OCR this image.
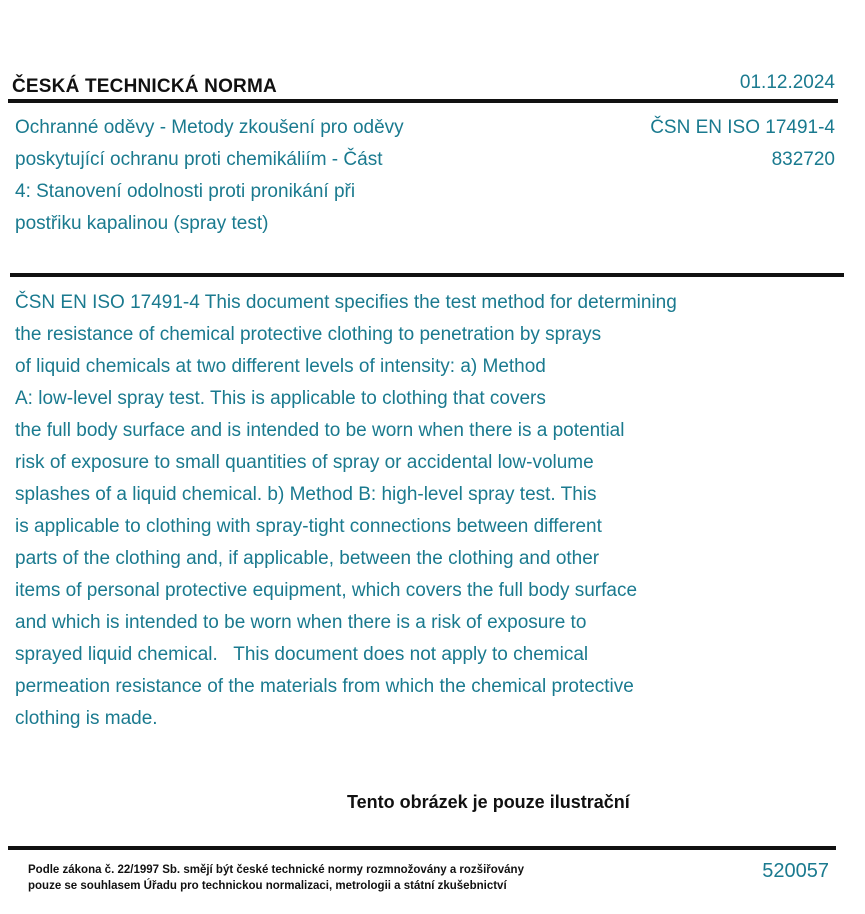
ČESKÁ TECHNICKÁ NORMA	01.12.2024
Ochranné oděvy - Metody zkoušení pro oděvy
poskytující ochranu proti chemikáliím - Část
4: Stanovení odolnosti proti pronikání při
postřiku kapalinou (spray test)
ČSN EN ISO 17491-4
832720
ČSN EN ISO 17491-4 This document specifies the test method for determining
the resistance of chemical protective clothing to penetration by sprays
of liquid chemicals at two different levels of intensity: a) Method
A: low-level spray test. This is applicable to clothing that covers
the full body surface and is intended to be worn when there is a potential
risk of exposure to small quantities of spray or accidental low-volume
splashes of a liquid chemical. b) Method B: high-level spray test. This
is applicable to clothing with spray-tight connections between different
parts of the clothing and, if applicable, between the clothing and other
items of personal protective equipment, which covers the full body surface
and which is intended to be worn when there is a risk of exposure to
sprayed liquid chemical.   This document does not apply to chemical
permeation resistance of the materials from which the chemical protective
clothing is made.
Tento obrázek je pouze ilustrační
Podle zákona č. 22/1997 Sb. smějí být české technické normy rozmnožovány a rozšiřovány
pouze se souhlasem Úřadu pro technickou normalizaci, metrologii a státní zkušebnictví
520057
